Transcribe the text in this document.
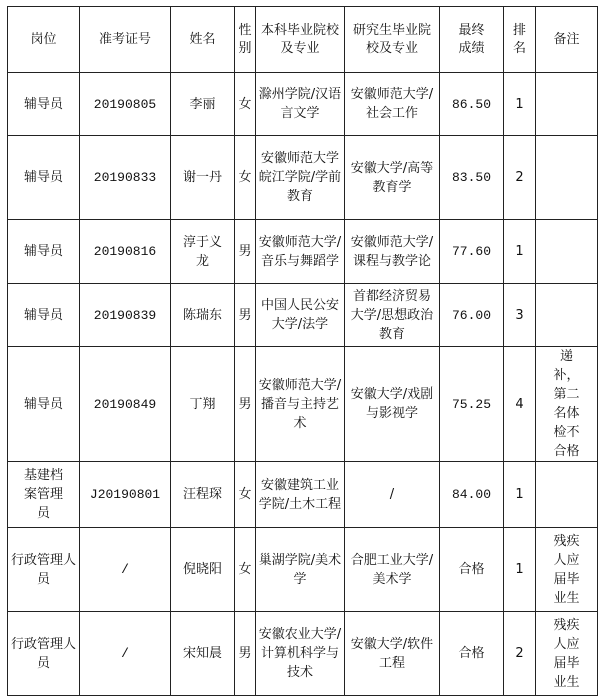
岗位	准考证号	姓名	性别	本科毕业院校及专业	研究生毕业院校及专业	最终成绩	排名	备注
辅导员	20190805	李丽	女	滁州学院/汉语言文学	安徽师范大学/社会工作	86.50	1	
辅导员	20190833	谢一丹	女	安徽师范大学皖江学院/学前教育	安徽大学/高等教育学	83.50	2	
辅导员	20190816	淳于义龙	男	安徽师范大学/音乐与舞蹈学	安徽师范大学/课程与教学论	77.60	1	
辅导员	20190839	陈瑞东	男	中国人民公安大学/法学	首都经济贸易大学/思想政治教育	76.00	3	
辅导员	20190849	丁翔	男	安徽师范大学/播音与主持艺术	安徽大学/戏剧与影视学	75.25	4	递补，第二名体检不合格
基建档案管理员	J20190801	汪程琛	女	安徽建筑工业学院/土木工程	/	84.00	1	
行政管理人员	/	倪晓阳	女	巢湖学院/美术学	合肥工业大学/美术学	合格	1	残疾人应届毕业生
行政管理人员	/	宋知晨	男	安徽农业大学/计算机科学与技术	安徽大学/软件工程	合格	2	残疾人应届毕业生
